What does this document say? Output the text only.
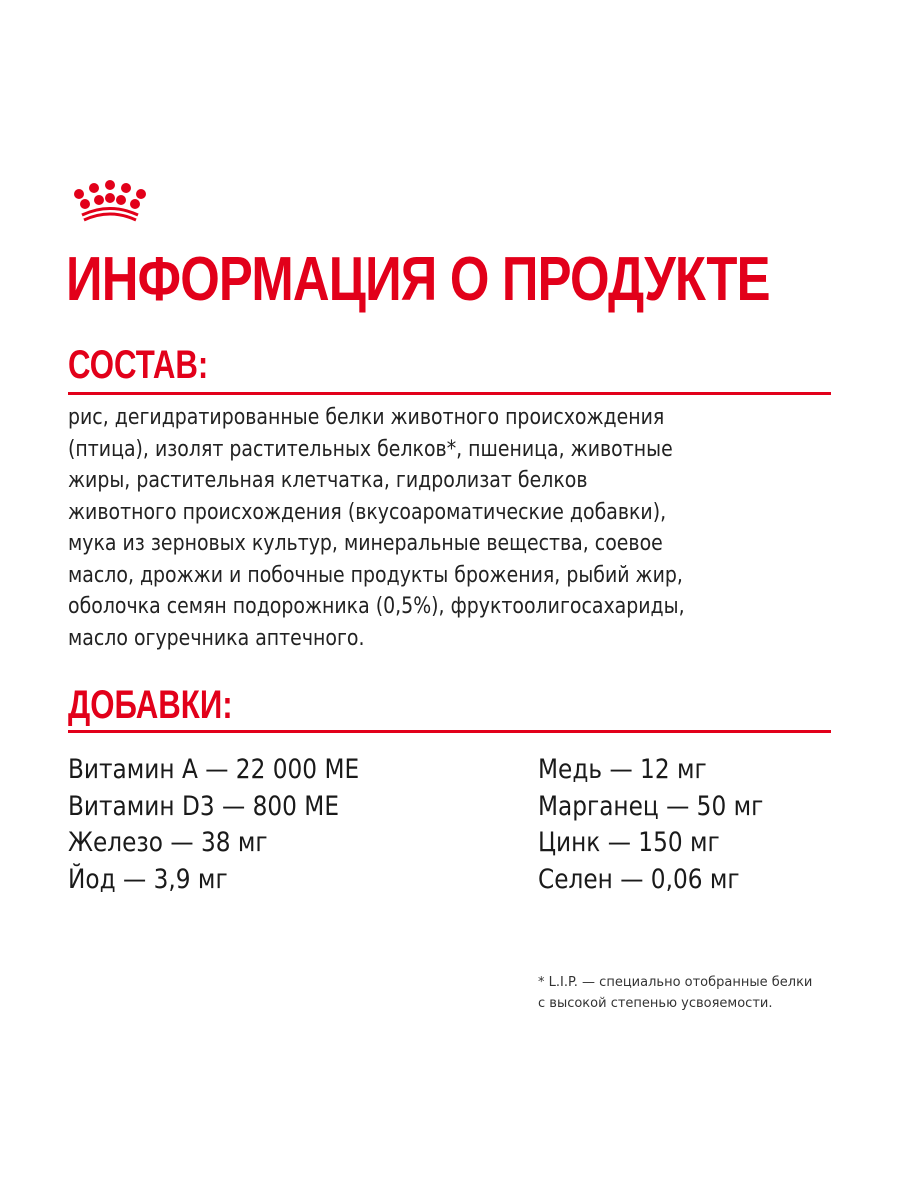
ИНФОРМАЦИЯ О ПРОДУКТЕ
СОСТАВ:
рис, дегидратированные белки животного происхождения
(птица), изолят растительных белков*, пшеница, животные
жиры, растительная клетчатка, гидролизат белков
животного происхождения (вкусоароматические добавки),
мука из зерновых культур, минеральные вещества, соевое
масло, дрожжи и побочные продукты брожения, рыбий жир,
оболочка семян подорожника (0,5%), фруктоолигосахариды,
масло огуречника аптечного.
ДОБАВКИ:
Витамин А — 22 000 МЕ
Витамин D3 — 800 МЕ
Железо — 38 мг
Йод — 3,9 мг
Медь — 12 мг
Марганец — 50 мг
Цинк — 150 мг
Селен — 0,06 мг
* L.I.P. — специально отобранные белки
с высокой степенью усвояемости.
